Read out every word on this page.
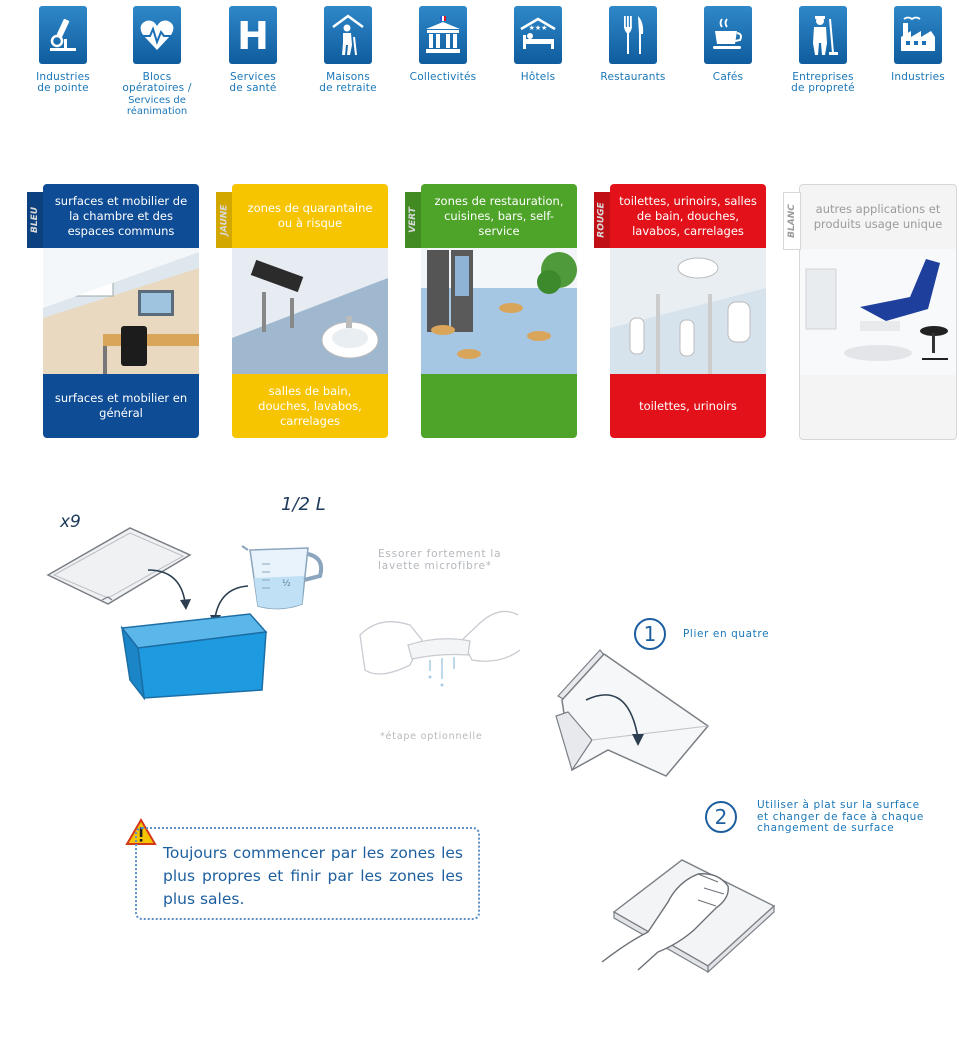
Industries
de pointe
Blocs
opératoires /
Services de
réanimation
H
Services
de santé
Maisons
de retraite
Collectivités
★★★
Hôtels	Restaurants	Cafés	Entreprises
de propreté
Industries
surfaces et mobilier de la chambre et des espaces communs
surfaces et mobilier en général
BLEU	zones de quarantaine ou à risque
salles de bain, douches, lavabos, carrelages
JAUNE
zones de restauration, cuisines, bars, self-service
VERT
toilettes, urinoirs, salles de bain, douches, lavabos, carrelages
toilettes, urinoirs
ROUGE	autres applications et produits usage unique
BLANC
x9
1/2 L
½
Essorer fortement la
lavette microfibre*
*étape optionnelle
1	Plier en quatre
2	Utiliser à plat sur la surface
et changer de face à chaque
changement de surface
Toujours commencer par les zones les plus propres et finir par les zones les plus sales.
